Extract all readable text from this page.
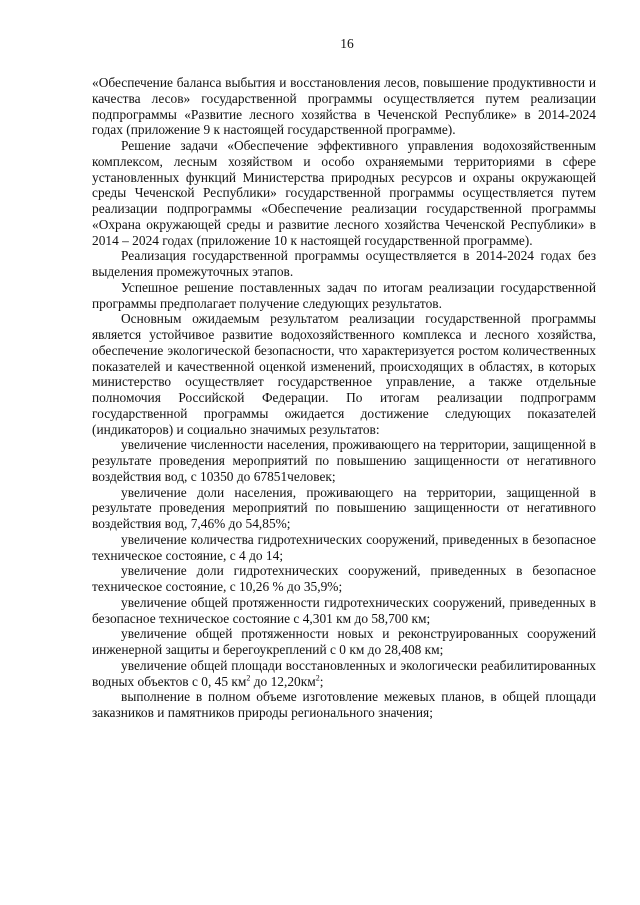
16

«Обеспечение баланса выбытия и восстановления лесов, повышение продуктивности и качества лесов» государственной программы осуществляется путем реализации подпрограммы «Развитие лесного хозяйства в Чеченской Республике» в 2014-2024 годах (приложение 9 к настоящей государственной программе).

Решение задачи «Обеспечение эффективного управления водохозяйственным комплексом, лесным хозяйством и особо охраняемыми территориями в сфере установленных функций Министерства природных ресурсов и охраны окружающей среды Чеченской Республики» государственной программы осуществляется путем реализации подпрограммы «Обеспечение реализации государственной программы «Охрана окружающей среды и развитие лесного хозяйства Чеченской Республики» в 2014 – 2024 годах (приложение 10 к настоящей государственной программе).

Реализация государственной программы осуществляется в 2014-2024 годах без выделения промежуточных этапов.

Успешное решение поставленных задач по итогам реализации государственной программы предполагает получение следующих результатов.

Основным ожидаемым результатом реализации государственной программы является устойчивое развитие водохозяйственного комплекса и лесного хозяйства, обеспечение экологической безопасности, что характеризуется ростом количественных показателей и качественной оценкой изменений, происходящих в областях, в которых министерство осуществляет государственное управление, а также отдельные полномочия Российской Федерации. По итогам реализации подпрограмм государственной программы ожидается достижение следующих показателей (индикаторов) и социально значимых результатов:

увеличение численности населения, проживающего на территории, защищенной в результате проведения мероприятий по повышению защищенности от негативного воздействия вод, с 10350 до 67851человек;

увеличение доли населения, проживающего на территории, защищенной в результате проведения мероприятий по повышению защищенности от негативного воздействия вод, 7,46% до 54,85%;

увеличение количества гидротехнических сооружений, приведенных в безопасное техническое состояние, с 4 до 14;

увеличение доли гидротехнических сооружений, приведенных в безопасное техническое состояние, с 10,26 % до 35,9%;

увеличение общей протяженности гидротехнических сооружений, приведенных в безопасное техническое состояние с 4,301 км до 58,700 км;

увеличение общей протяженности новых и реконструированных сооружений инженерной защиты и берегоукреплений с 0 км до 28,408 км;

увеличение общей площади восстановленных и экологически реабилитированных водных объектов с 0, 45 $км^2$ до $12,20км^2$;

выполнение в полном объеме изготовление межевых планов, в общей площади заказников и памятников природы регионального значения;
